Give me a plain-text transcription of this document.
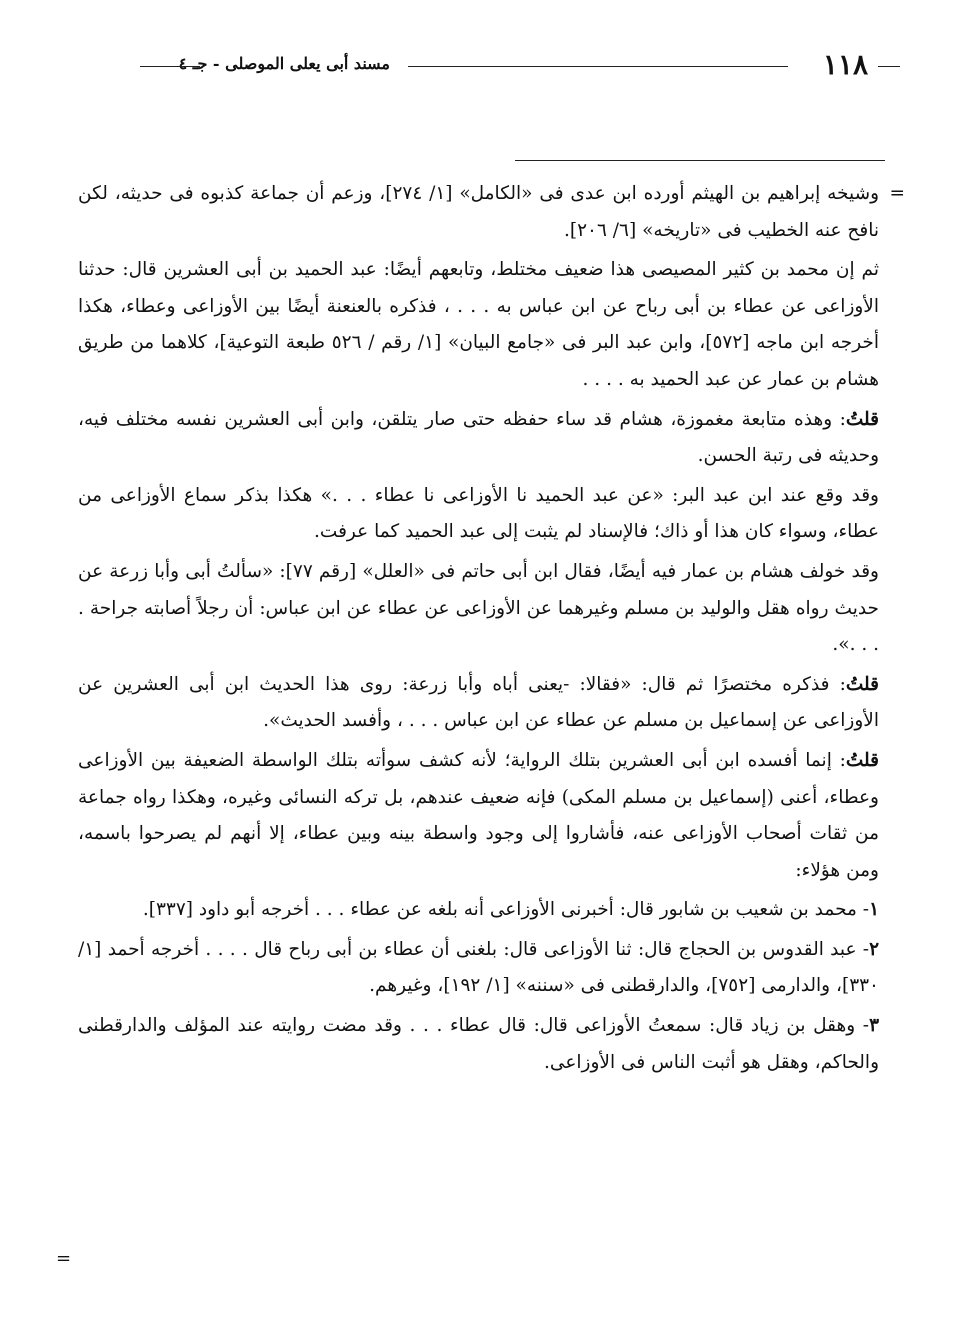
١١٨
مسند أبى يعلى الموصلى - جـ ٤
=

وشيخه إبراهيم بن الهيثم أورده ابن عدى فى «الكامل» [١/ ٢٧٤]، وزعم أن جماعة كذبوه فى حديثه، لكن نافح عنه الخطيب فى «تاريخه» [٦/ ٢٠٦].

ثم إن محمد بن كثير المصيصى هذا ضعيف مختلط، وتابعهم أيضًا: عبد الحميد بن أبى العشرين قال: حدثنا الأوزاعى عن عطاء بن أبى رباح عن ابن عباس به . . . ، فذكره بالعنعنة أيضًا بين الأوزاعى وعطاء، هكذا أخرجه ابن ماجه [٥٧٢]، وابن عبد البر فى «جامع البيان» [١/ رقم / ٥٢٦ طبعة التوعية]، كلاهما من طريق هشام بن عمار عن عبد الحميد به . . . .

قلتُ: وهذه متابعة مغموزة، هشام قد ساء حفظه حتى صار يتلقن، وابن أبى العشرين نفسه مختلف فيه، وحديثه فى رتبة الحسن.

وقد وقع عند ابن عبد البر: «عن عبد الحميد نا الأوزاعى نا عطاء . . .» هكذا بذكر سماع الأوزاعى من عطاء، وسواء كان هذا أو ذاك؛ فالإسناد لم يثبت إلى عبد الحميد كما عرفت.

وقد خولف هشام بن عمار فيه أيضًا، فقال ابن أبى حاتم فى «العلل» [رقم ٧٧]: «سألتُ أبى وأبا زرعة عن حديث رواه هقل والوليد بن مسلم وغيرهما عن الأوزاعى عن عطاء عن ابن عباس: أن رجلاً أصابته جراحة . . . .».

قلتُ: فذكره مختصرًا ثم قال: «فقالا: -يعنى أباه وأبا زرعة: روى هذا الحديث ابن أبى العشرين عن الأوزاعى عن إسماعيل بن مسلم عن عطاء عن ابن عباس . . . ، وأفسد الحديث».

قلتُ: إنما أفسده ابن أبى العشرين بتلك الرواية؛ لأنه كشف سوأته بتلك الواسطة الضعيفة بين الأوزاعى وعطاء، أعنى (إسماعيل بن مسلم المكى) فإنه ضعيف عندهم، بل تركه النسائى وغيره، وهكذا رواه جماعة من ثقات أصحاب الأوزاعى عنه، فأشاروا إلى وجود واسطة بينه وبين عطاء، إلا أنهم لم يصرحوا باسمه، ومن هؤلاء:

١- محمد بن شعيب بن شابور قال: أخبرنى الأوزاعى أنه بلغه عن عطاء . . . أخرجه أبو داود [٣٣٧].

٢- عبد القدوس بن الحجاج قال: ثنا الأوزاعى قال: بلغنى أن عطاء بن أبى رباح قال . . . . أخرجه أحمد [١/ ٣٣٠]، والدارمى [٧٥٢]، والدارقطنى فى «سننه» [١/ ١٩٢]، وغيرهم.

٣- وهقل بن زياد قال: سمعتُ الأوزاعى قال: قال عطاء . . . وقد مضت روايته عند المؤلف والدارقطنى والحاكم، وهقل هو أثبت الناس فى الأوزاعى.

=
